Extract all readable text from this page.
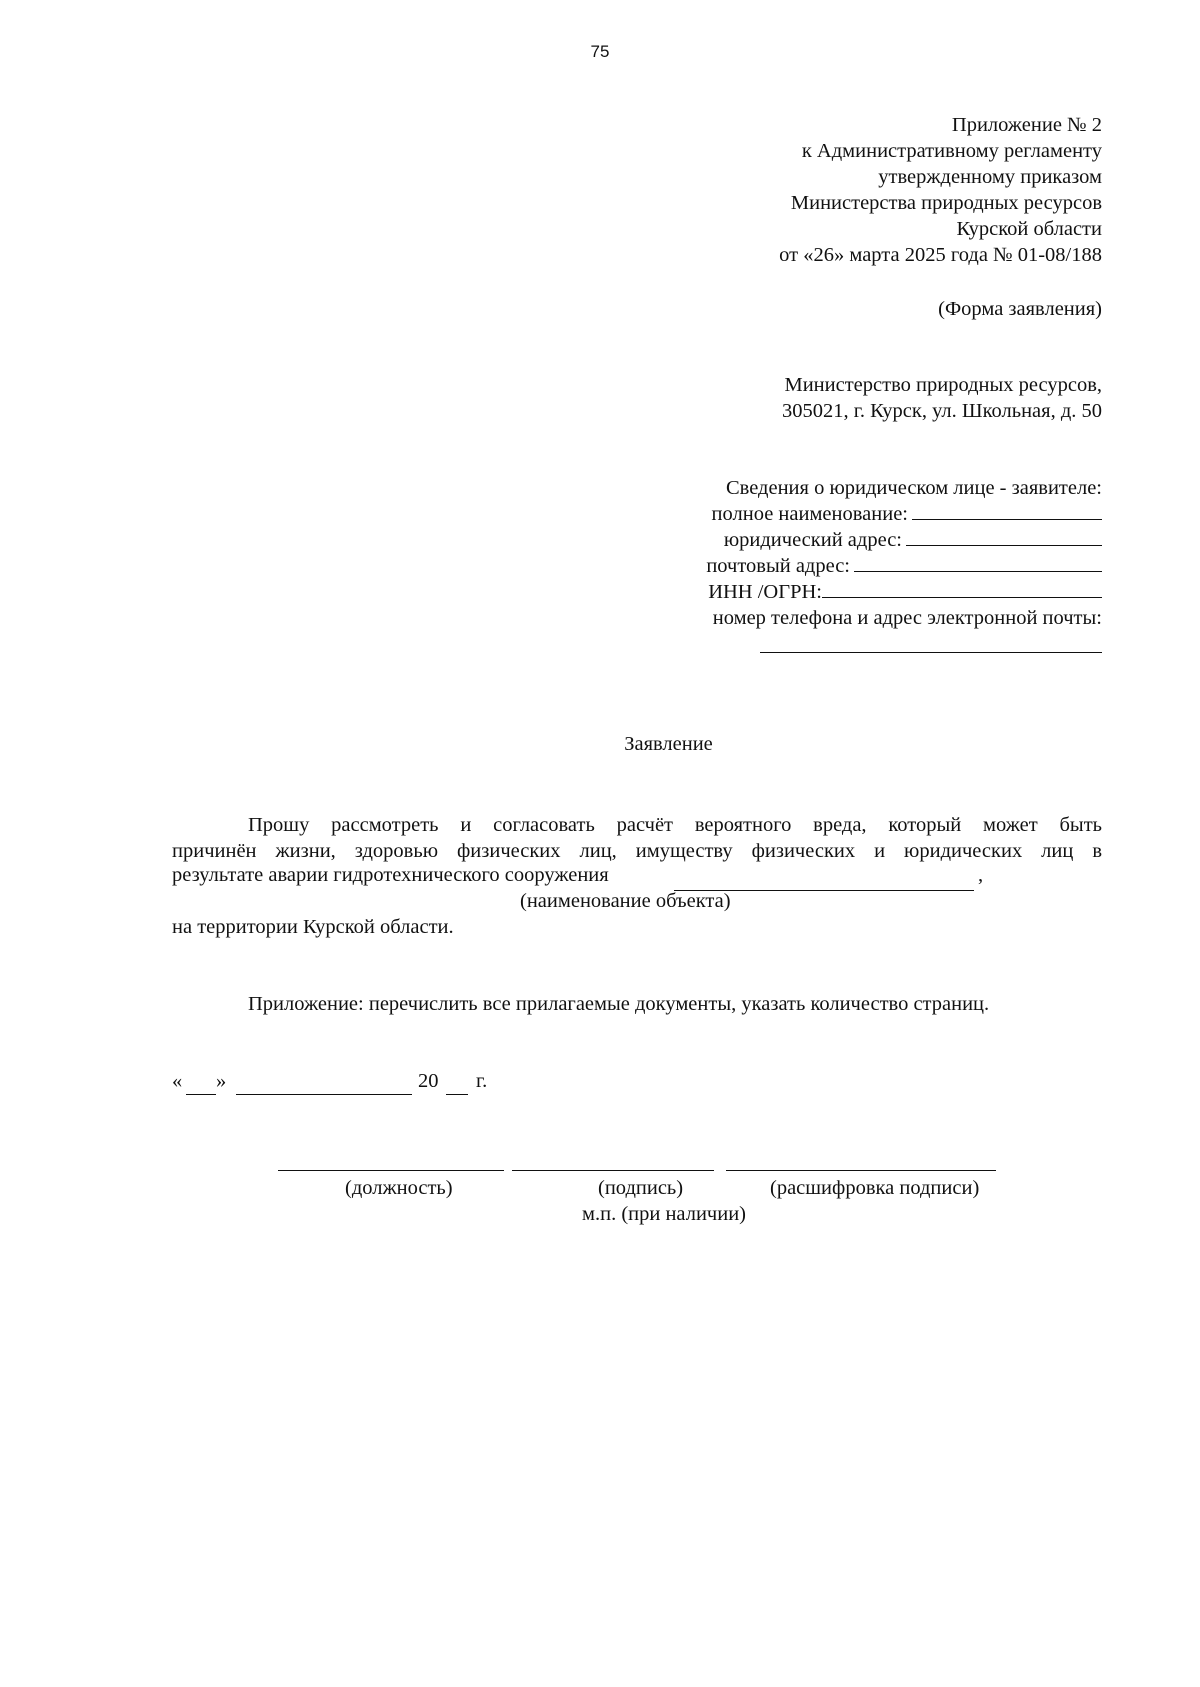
75
Приложение № 2
к Административному регламенту
утвержденному приказом
Министерства природных ресурсов
Курской области
от «26» марта 2025 года № 01-08/188
(Форма заявления)
Министерство природных ресурсов,
305021, г. Курск, ул. Школьная, д. 50
Сведения о юридическом лице - заявителе:
полное наименование:
юридический адрес:
почтовый адрес:
ИНН /ОГРН:
номер телефона и адрес электронной почты:
Заявление
Прошу рассмотреть и согласовать расчёт вероятного вреда, который может быть
причинён жизни, здоровью физических лиц, имуществу физических и юридических лиц в
результате аварии гидротехнического сооружения	,
(наименование объекта)
на территории Курской области.
Приложение: перечислить все прилагаемые документы, указать количество страниц.
« »	20 г.
(должность)	(подпись)	(расшифровка подписи)
м.п. (при наличии)
